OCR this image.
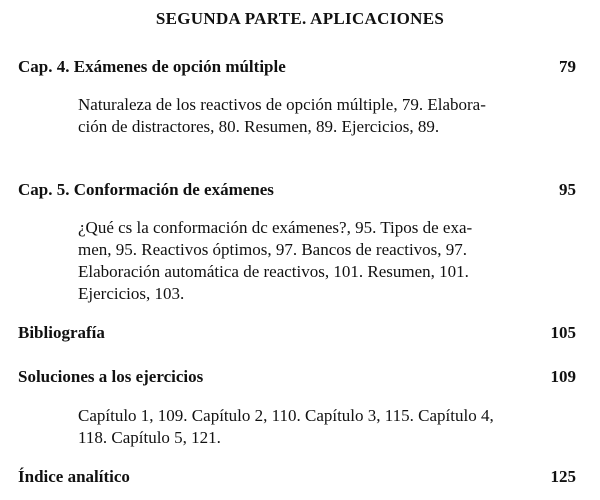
SEGUNDA PARTE. APLICACIONES
Cap. 4. Exámenes de opción múltiple	79
Naturaleza de los reactivos de opción múltiple, 79. Elabora-
ción de distractores, 80. Resumen, 89. Ejercicios, 89.
Cap. 5. Conformación de exámenes	95
¿Qué cs la conformación dc exámenes?, 95. Tipos de exa-
men, 95. Reactivos óptimos, 97. Bancos de reactivos, 97.
Elaboración automática de reactivos, 101. Resumen, 101.
Ejercicios, 103.
Bibliografía	105
Soluciones a los ejercicios	109
Capítulo 1, 109. Capítulo 2, 110. Capítulo 3, 115. Capítulo 4,
118. Capítulo 5, 121.
Índice analítico	125
